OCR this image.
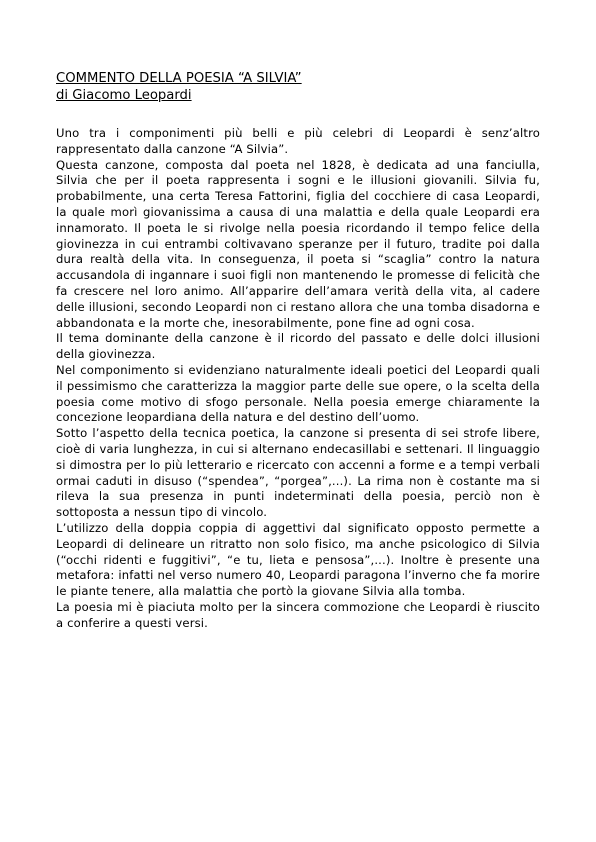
COMMENTO DELLA POESIA “A SILVIA”
di Giacomo Leopardi

Uno tra i componimenti più belli e più celebri di Leopardi è senz’altro rappresentato dalla canzone “A Silvia”.

Questa canzone, composta dal poeta nel 1828, è dedicata ad una fanciulla, Silvia che per il poeta rappresenta i sogni e le illusioni giovanili. Silvia fu, probabilmente, una certa Teresa Fattorini, figlia del cocchiere di casa Leopardi, la quale morì giovanissima a causa di una malattia e della quale Leopardi era innamorato. Il poeta le si rivolge nella poesia ricordando il tempo felice della giovinezza in cui entrambi coltivavano speranze per il futuro, tradite poi dalla dura realtà della vita. In conseguenza, il poeta si “scaglia” contro la natura accusandola di ingannare i suoi figli non mantenendo le promesse di felicità che fa crescere nel loro animo. All’apparire dell’amara verità della vita, al cadere delle illusioni, secondo Leopardi non ci restano allora che una tomba disadorna e abbandonata e la morte che, inesorabilmente, pone fine ad ogni cosa.

Il tema dominante della canzone è il ricordo del passato e delle dolci illusioni della giovinezza.

Nel componimento si evidenziano naturalmente ideali poetici del Leopardi quali il pessimismo che caratterizza la maggior parte delle sue opere, o la scelta della poesia come motivo di sfogo personale. Nella poesia emerge chiaramente la concezione leopardiana della natura e del destino dell’uomo.

Sotto l’aspetto della tecnica poetica, la canzone si presenta di sei strofe libere, cioè di varia lunghezza, in cui si alternano endecasillabi e settenari. Il linguaggio si dimostra per lo più letterario e ricercato con accenni a forme e a tempi verbali ormai caduti in disuso (“spendea”, “porgea”,...). La rima non è costante ma si rileva la sua presenza in punti indeterminati della poesia, perciò non è sottoposta a nessun tipo di vincolo.

L’utilizzo della doppia coppia di aggettivi dal significato opposto permette a Leopardi di delineare un ritratto non solo fisico, ma anche psicologico di Silvia (“occhi ridenti e fuggitivi”, “e tu, lieta e pensosa”,...). Inoltre è presente una metafora: infatti nel verso numero 40, Leopardi paragona l’inverno che fa morire le piante tenere, alla malattia che portò la giovane Silvia alla tomba.

La poesia mi è piaciuta molto per la sincera commozione che Leopardi è riuscito a conferire a questi versi.
